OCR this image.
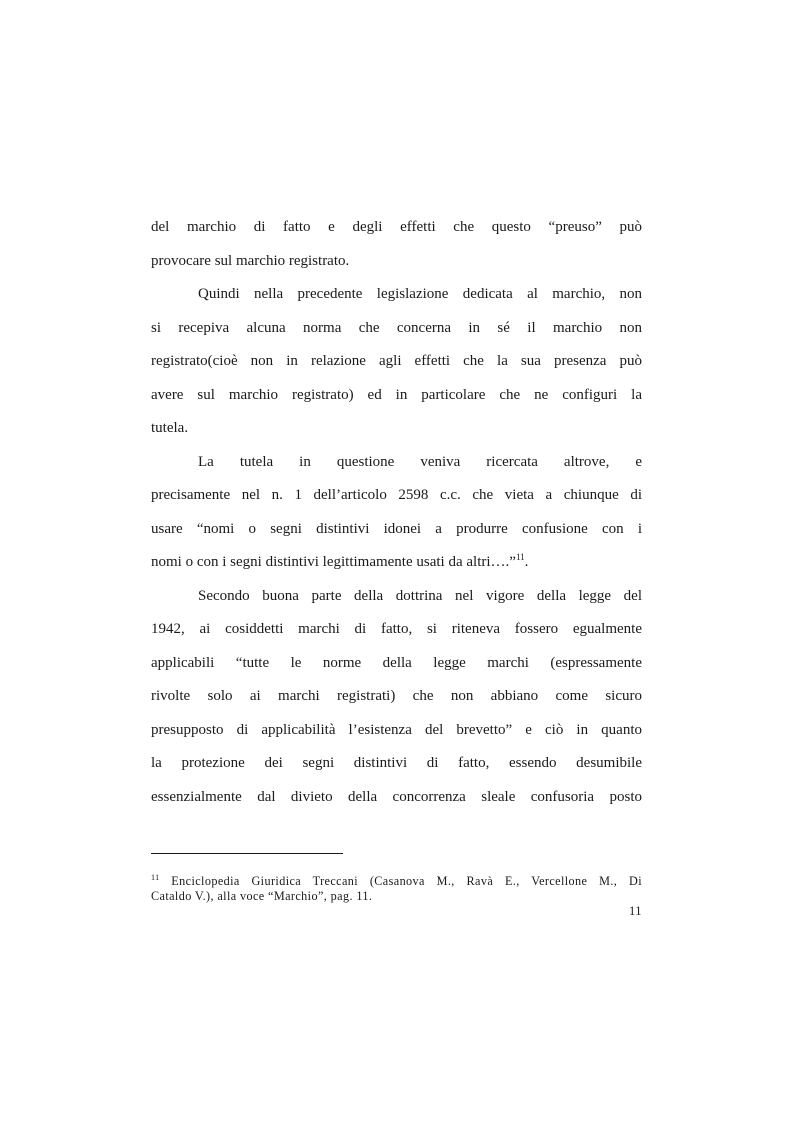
del marchio di fatto e degli effetti che questo “preuso” può
provocare sul marchio registrato.
Quindi nella precedente legislazione dedicata al marchio, non
si recepiva alcuna norma che concerna in sé il marchio non
registrato(cioè non in relazione agli effetti che la sua presenza può
avere sul marchio registrato) ed in particolare che ne configuri la
tutela.
La tutela in questione veniva ricercata altrove, e
precisamente nel n. 1 dell’articolo 2598 c.c. che vieta a chiunque di
usare “nomi o segni distintivi idonei a produrre confusione con i
nomi o con i segni distintivi legittimamente usati da altri….”$^{11}$.
Secondo buona parte della dottrina nel vigore della legge del
1942, ai cosiddetti marchi di fatto, si riteneva fossero egualmente
applicabili “tutte le norme della legge marchi (espressamente
rivolte solo ai marchi registrati) che non abbiano come sicuro
presupposto di applicabilità l’esistenza del brevetto” e ciò in quanto
la protezione dei segni distintivi di fatto, essendo desumibile
essenzialmente dal divieto della concorrenza sleale confusoria posto
$^{11}$ Enciclopedia Giuridica Treccani (Casanova M., Ravà E., Vercellone M., Di
Cataldo V.), alla voce “Marchio”, pag. 11.
11
